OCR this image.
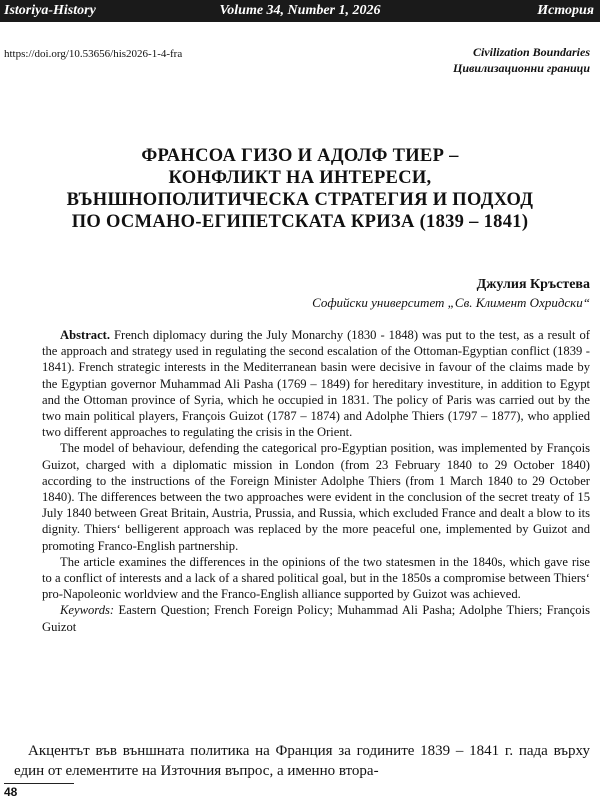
Volume 34, Number 1, 2026
Istoriya-History	История
https://doi.org/10.53656/his2026-1-4-fra	Civilization Boundaries
Цивилизационни граници
ФРАНСОА ГИЗО И АДОЛФ ТИЕР –
КОНФЛИКТ НА ИНТЕРЕСИ,
ВЪНШНОПОЛИТИЧЕСКА СТРАТЕГИЯ И ПОДХОД
ПО ОСМАНО-ЕГИПЕТСКАТА КРИЗА (1839 – 1841)
Джулия Кръстева
Софийски университет „Св. Климент Охридски“

Abstract. French diplomacy during the July Monarchy (1830 - 1848) was put to the test, as a result of the approach and strategy used in regulating the second escalation of the Ottoman-Egyptian conflict (1839 - 1841). French strategic interests in the Mediterranean basin were decisive in favour of the claims made by the Egyptian governor Muhammad Ali Pasha (1769 – 1849) for hereditary investiture, in addition to Egypt and the Ottoman province of Syria, which he occupied in 1831. The policy of Paris was carried out by the two main political players, François Guizot (1787 – 1874) and Adolphe Thiers (1797 – 1877), who applied two different approaches to regulating the crisis in the Orient.

The model of behaviour, defending the categorical pro-Egyptian position, was implemented by François Guizot, charged with a diplomatic mission in London (from 23 February 1840 to 29 October 1840) according to the instructions of the Foreign Minister Adolphe Thiers (from 1 March 1840 to 29 October 1840). The differences between the two approaches were evident in the conclusion of the secret treaty of 15 July 1840 between Great Britain, Austria, Prussia, and Russia, which excluded France and dealt a blow to its dignity. Thiers‘ belligerent approach was replaced by the more peaceful one, implemented by Guizot and promoting Franco-English partnership.

The article examines the differences in the opinions of the two statesmen in the 1840s, which gave rise to a conflict of interests and a lack of a shared political goal, but in the 1850s a compromise between Thiers‘ pro-Napoleonic worldview and the Franco-English alliance supported by Guizot was achieved.

Keywords: Eastern Question; French Foreign Policy; Muhammad Ali Pasha; Adolphe Thiers; François Guizot

Акцентът във външната политика на Франция за годините 1839 – 1841 г. пада върху един от елементите на Източния въпрос, а именно втора-

48
